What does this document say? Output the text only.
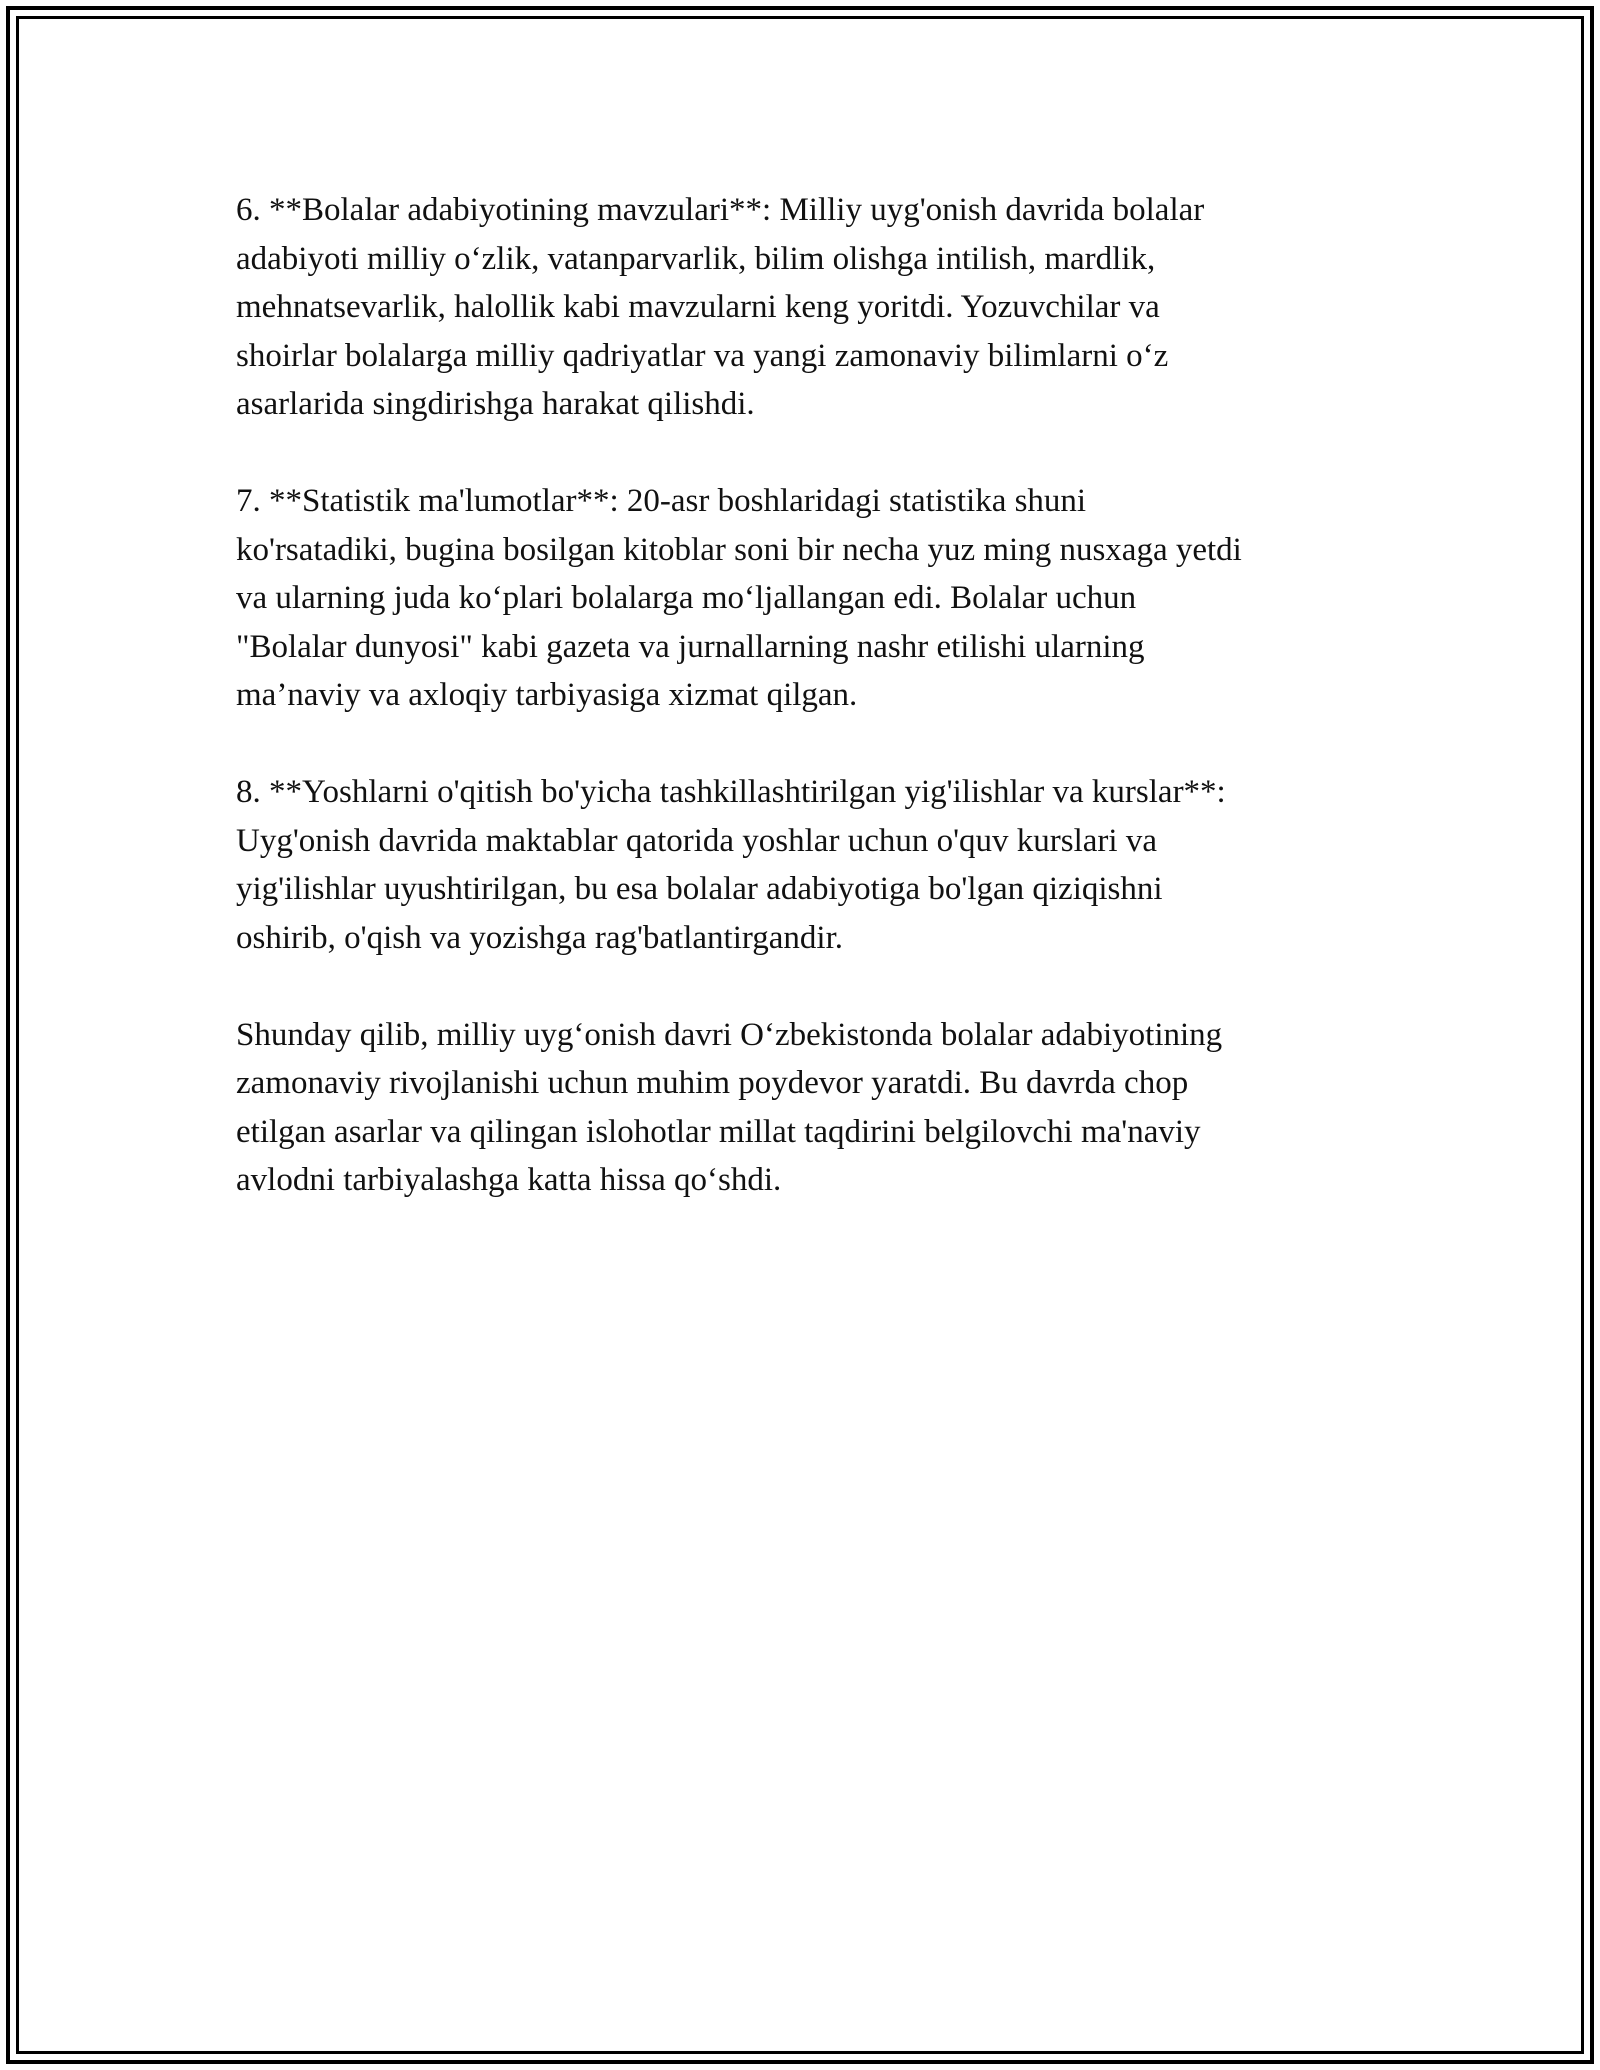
6. **Bolalar adabiyotining mavzulari**: Milliy uyg'onish davrida bolalar
adabiyoti milliy o‘zlik, vatanparvarlik, bilim olishga intilish, mardlik,
mehnatsevarlik, halollik kabi mavzularni keng yoritdi. Yozuvchilar va
shoirlar bolalarga milliy qadriyatlar va yangi zamonaviy bilimlarni o‘z
asarlarida singdirishga harakat qilishdi.

7. **Statistik ma'lumotlar**: 20-asr boshlaridagi statistika shuni
ko'rsatadiki, bugina bosilgan kitoblar soni bir necha yuz ming nusxaga yetdi
va ularning juda ko‘plari bolalarga mo‘ljallangan edi. Bolalar uchun
"Bolalar dunyosi" kabi gazeta va jurnallarning nashr etilishi ularning
ma’naviy va axloqiy tarbiyasiga xizmat qilgan.

8. **Yoshlarni o'qitish bo'yicha tashkillashtirilgan yig'ilishlar va kurslar**:
Uyg'onish davrida maktablar qatorida yoshlar uchun o'quv kurslari va
yig'ilishlar uyushtirilgan, bu esa bolalar adabiyotiga bo'lgan qiziqishni
oshirib, o'qish va yozishga rag'batlantirgandir.

Shunday qilib, milliy uyg‘onish davri O‘zbekistonda bolalar adabiyotining
zamonaviy rivojlanishi uchun muhim poydevor yaratdi. Bu davrda chop
etilgan asarlar va qilingan islohotlar millat taqdirini belgilovchi ma'naviy
avlodni tarbiyalashga katta hissa qo‘shdi.
